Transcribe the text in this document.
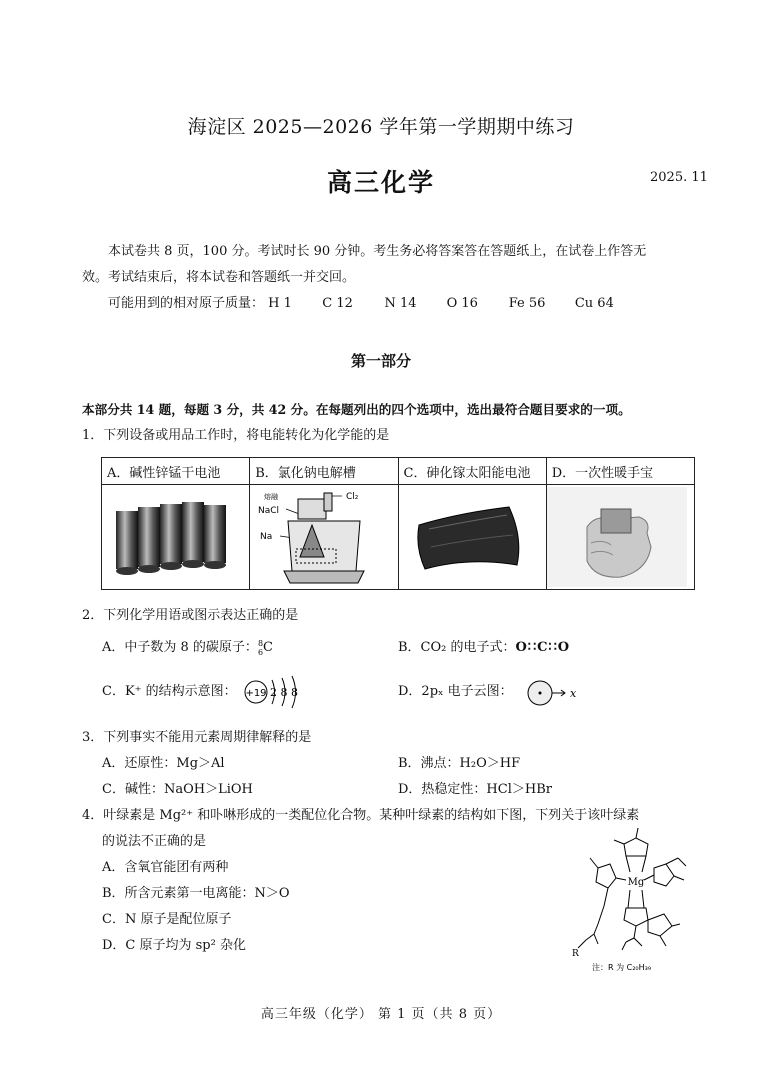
海淀区 2025—2026 学年第一学期期中练习
高三化学	2025. 11
本试卷共 8 页，100 分。考试时长 90 分钟。考生务必将答案答在答题纸上，在试卷上作答无
效。考试结束后，将本试卷和答题纸一并交回。
可能用到的相对原子质量： H 1 C 12 N 14 O 16 Fe 56 Cu 64
第一部分
本部分共 14 题，每题 3 分，共 42 分。在每题列出的四个选项中，选出最符合题目要求的一项。
1．下列设备或用品工作时，将电能转化为化学能的是
A．碱性锌锰干电池	B．氯化钠电解槽	C．砷化镓太阳能电池	D．一次性暖手宝

熔融
NaCl
Cl₂
Na

2．下列化学用语或图示表达正确的是
A．中子数为 8 的碳原子：8
6C	B．CO₂ 的电子式：O∷C∷O
C．K⁺ 的结构示意图： +19 2 8 8	D．2pₓ 电子云图：	x
3．下列事实不能用元素周期律解释的是
A．还原性：Mg＞Al	B．沸点：H₂O＞HF
C．碱性：NaOH＞LiOH	D．热稳定性：HCl＞HBr
4．叶绿素是 Mg²⁺ 和卟啉形成的一类配位化合物。某种叶绿素的结构如下图，下列关于该叶绿素
的说法不正确的是
A．含氧官能团有两种
B．所含元素第一电离能：N＞O
C．N 原子是配位原子
D．C 原子均为 sp² 杂化
Mg
R
注：R 为 C₂₀H₃₉
高三年级（化学） 第 1 页（共 8 页）
